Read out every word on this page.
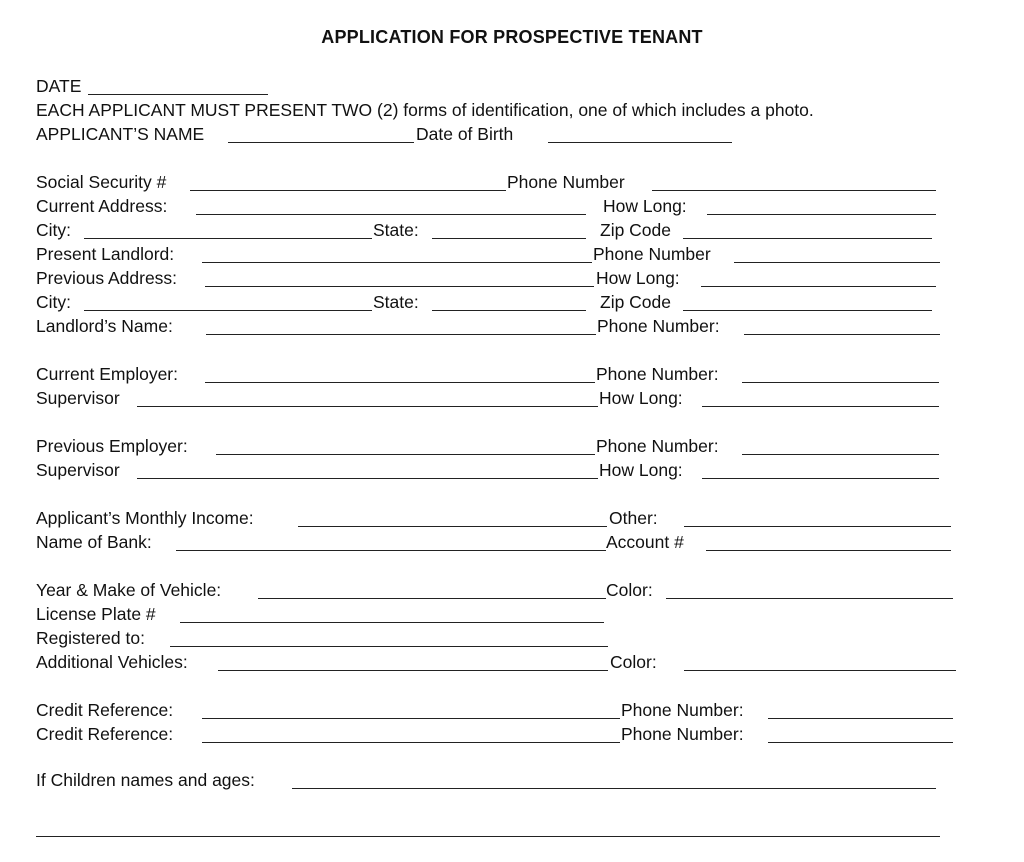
APPLICATION FOR PROSPECTIVE TENANT
DATE
EACH APPLICANT MUST PRESENT TWO (2) forms of identification, one of which includes a photo.
APPLICANT’S NAME	Date of Birth
Social Security #	Phone Number
Current Address:	How Long:
City:	State:	Zip Code
Present Landlord:	Phone Number
Previous Address:	How Long:
City:	State:	Zip Code
Landlord’s Name:	Phone Number:
Current Employer:	Phone Number:
Supervisor	How Long:
Previous Employer:	Phone Number:
Supervisor	How Long:
Applicant’s Monthly Income:	Other:
Name of Bank:	Account #
Year & Make of Vehicle:	Color:
License Plate #
Registered to:
Additional Vehicles:	Color:
Credit Reference:	Phone Number:
Credit Reference:	Phone Number:
If Children names and ages:
